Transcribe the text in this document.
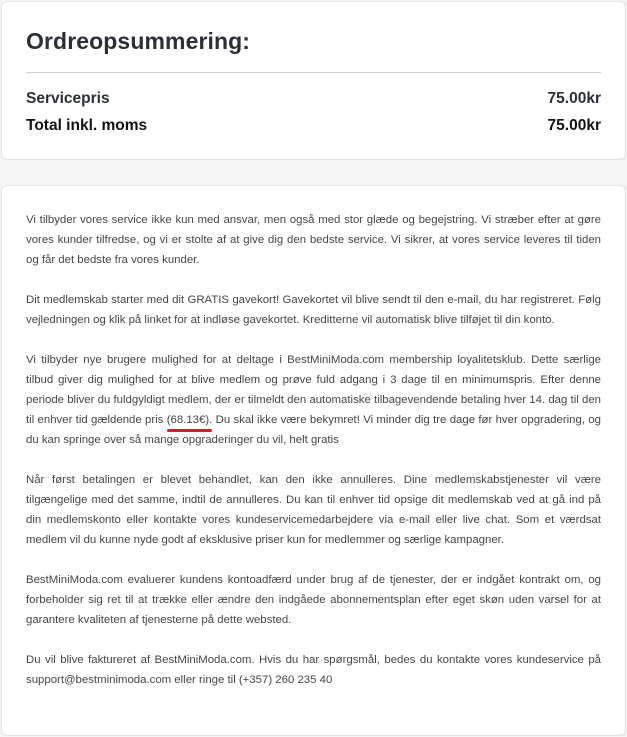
Ordreopsummering:
Servicepris	75.00kr
Total inkl. moms	75.00kr

Vi tilbyder vores service ikke kun med ansvar, men også med stor glæde og begejstring. Vi stræber efter at gøre vores kunder tilfredse, og vi er stolte af at give dig den bedste service. Vi sikrer, at vores service leveres til tiden og får det bedste fra vores kunder.

Dit medlemskab starter med dit GRATIS gavekort! Gavekortet vil blive sendt til den e-mail, du har registreret. Følg vejledningen og klik på linket for at indløse gavekortet. Kreditterne vil automatisk blive tilføjet til din konto.

Vi tilbyder nye brugere mulighed for at deltage i BestMiniModa.com membership loyalitetsklub. Dette særlige tilbud giver dig mulighed for at blive medlem og prøve fuld adgang i 3 dage til en minimumspris. Efter denne periode bliver du fuldgyldigt medlem, der er tilmeldt den automatiske tilbagevendende betaling hver 14. dag til den til enhver tid gældende pris (68.13€). Du skal ikke være bekymret! Vi minder dig tre dage før hver opgradering, og du kan springe over så mange opgraderinger du vil, helt gratis

Når først betalingen er blevet behandlet, kan den ikke annulleres. Dine medlemskabstjenester vil være tilgængelige med det samme, indtil de annulleres. Du kan til enhver tid opsige dit medlemskab ved at gå ind på din medlemskonto eller kontakte vores kundeservicemedarbejdere via e-mail eller live chat. Som et værdsat medlem vil du kunne nyde godt af eksklusive priser kun for medlemmer og særlige kampagner.

BestMiniModa.com evaluerer kundens kontoadfærd under brug af de tjenester, der er indgået kontrakt om, og forbeholder sig ret til at trække eller ændre den indgåede abonnementsplan efter eget skøn uden varsel for at garantere kvaliteten af tjenesterne på dette websted.

Du vil blive faktureret af BestMiniModa.com. Hvis du har spørgsmål, bedes du kontakte vores kundeservice på support@bestminimoda.com eller ringe til (+357) 260 235 40
